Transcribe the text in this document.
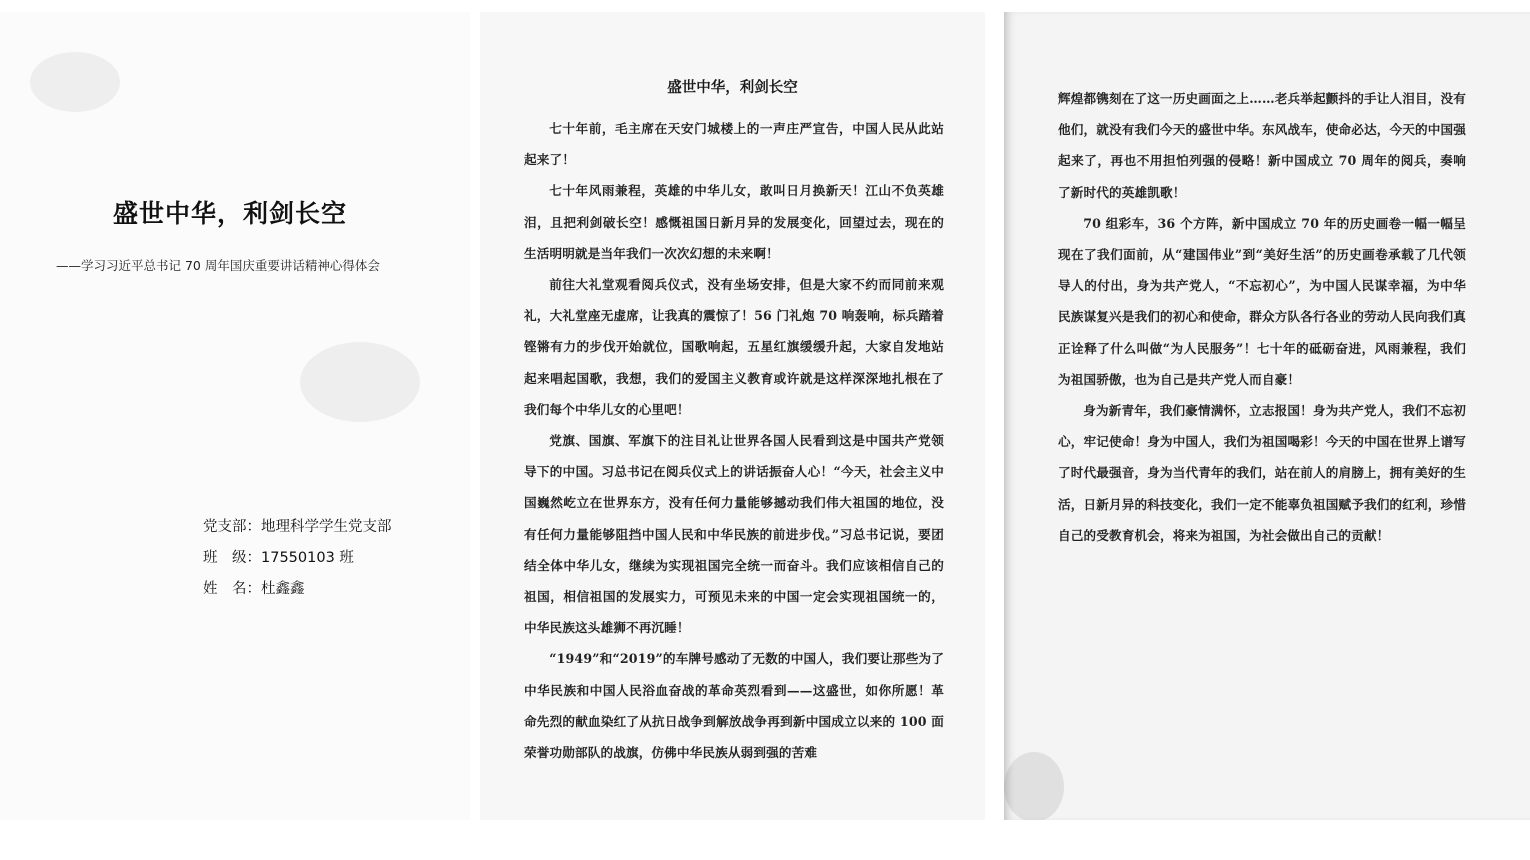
盛世中华，利剑长空
——学习习近平总书记 70 周年国庆重要讲话精神心得体会
党支部：地理科学学生党支部
班　级：17550103 班
姓　名：杜鑫鑫
盛世中华，利剑长空

七十年前，毛主席在天安门城楼上的一声庄严宣告，中国人民从此站起来了！

七十年风雨兼程，英雄的中华儿女，敢叫日月换新天！江山不负英雄泪，且把利剑破长空！感慨祖国日新月异的发展变化，回望过去，现在的生活明明就是当年我们一次次幻想的未来啊！

前往大礼堂观看阅兵仪式，没有坐场安排，但是大家不约而同前来观礼，大礼堂座无虚席，让我真的震惊了！56 门礼炮 70 响轰响，标兵踏着铿锵有力的步伐开始就位，国歌响起，五星红旗缓缓升起，大家自发地站起来唱起国歌，我想，我们的爱国主义教育或许就是这样深深地扎根在了我们每个中华儿女的心里吧！

党旗、国旗、军旗下的注目礼让世界各国人民看到这是中国共产党领导下的中国。习总书记在阅兵仪式上的讲话振奋人心！“今天，社会主义中国巍然屹立在世界东方，没有任何力量能够撼动我们伟大祖国的地位，没有任何力量能够阻挡中国人民和中华民族的前进步伐。”习总书记说，要团结全体中华儿女，继续为实现祖国完全统一而奋斗。我们应该相信自己的祖国，相信祖国的发展实力，可预见未来的中国一定会实现祖国统一的，中华民族这头雄狮不再沉睡！

“1949”和“2019”的车牌号感动了无数的中国人，我们要让那些为了中华民族和中国人民浴血奋战的革命英烈看到——这盛世，如你所愿！革命先烈的献血染红了从抗日战争到解放战争再到新中国成立以来的 100 面荣誉功勋部队的战旗，仿佛中华民族从弱到强的苦难

辉煌都镌刻在了这一历史画面之上……老兵举起颤抖的手让人泪目，没有他们，就没有我们今天的盛世中华。东风战车，使命必达，今天的中国强起来了，再也不用担怕列强的侵略！新中国成立 70 周年的阅兵，奏响了新时代的英雄凯歌！

70 组彩车，36 个方阵，新中国成立 70 年的历史画卷一幅一幅呈现在了我们面前，从“建国伟业”到“美好生活”的历史画卷承载了几代领导人的付出，身为共产党人，“不忘初心”，为中国人民谋幸福，为中华民族谋复兴是我们的初心和使命，群众方队各行各业的劳动人民向我们真正诠释了什么叫做“为人民服务”！七十年的砥砺奋进，风雨兼程，我们为祖国骄傲，也为自己是共产党人而自豪！

身为新青年，我们豪情满怀，立志报国！身为共产党人，我们不忘初心，牢记使命！身为中国人，我们为祖国喝彩！今天的中国在世界上谱写了时代最强音，身为当代青年的我们，站在前人的肩膀上，拥有美好的生活，日新月异的科技变化，我们一定不能辜负祖国赋予我们的红利，珍惜自己的受教育机会，将来为祖国，为社会做出自己的贡献！
